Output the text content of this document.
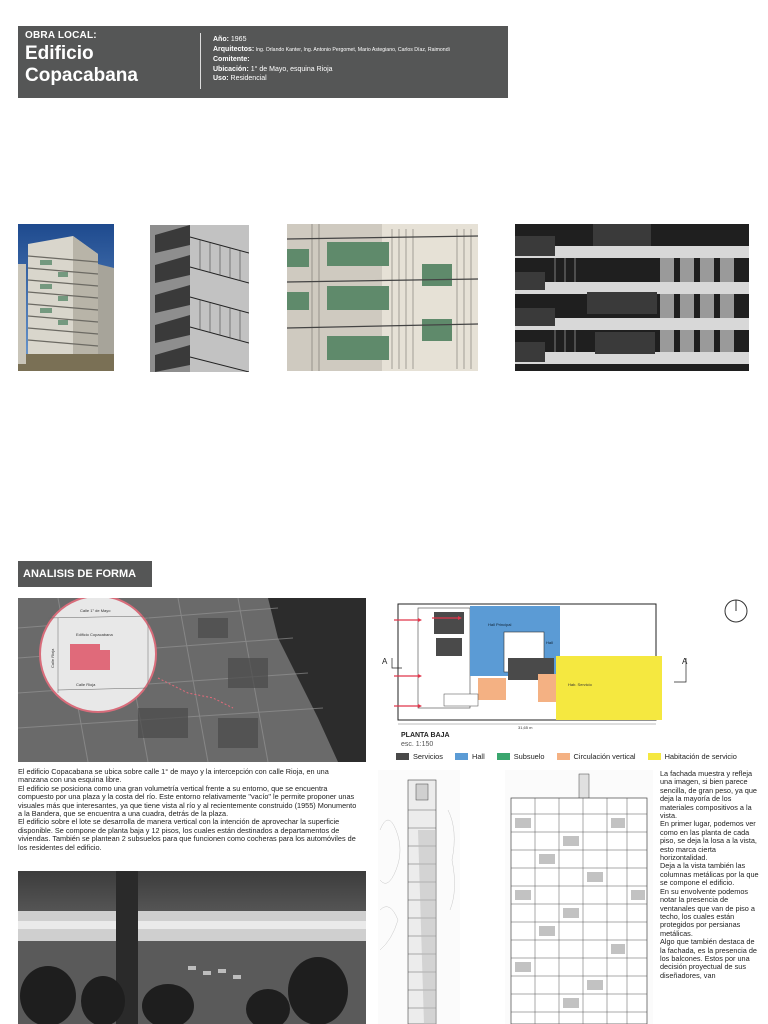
OBRA LOCAL:
Edificio
Copacabana
Año: 1965
Arquitectos: Ing. Orlando Kanter, Ing. Antonio Pergomet, Mario Astegiano, Carlos Díaz, Raimondi
Comitente:
Ubicación: 1° de Mayo, esquina Rioja
Uso: Residencial
ANALISIS DE FORMA
Calle 1° de Mayo
Edificio Copacabana
Calle Rioja
Calle Rioja	A	A
Hall Principal
Hall
Hab. Servicio
31,65 m
PLANTA BAJA
esc. 1:150
Servicios	Hall	Subsuelo	Circulación vertical	Habitación de servicio

El edificio Copacabana se ubica sobre calle 1° de mayo y la intercepción con calle Rioja, en una manzana con una esquina libre.

El edificio se posiciona como una gran volumetría vertical frente a su entorno, que se encuentra compuesto por una plaza y la costa del río. Este entorno relativamente "vacío" le permite proponer unas visuales más que interesantes, ya que tiene vista al río y al recientemente construido (1955) Monumento a la Bandera, que se encuentra a una cuadra, detrás de la plaza.

El edificio sobre el lote se desarrolla de manera vertical con la intención de aprovechar la superficie disponible. Se compone de planta baja y 12 pisos, los cuales están destinados a departamentos de viviendas. También se plantean 2 subsuelos para que funcionen como cocheras para los automóviles de los residentes del edificio.

La fachada muestra y refleja una imagen, si bien parece sencilla, de gran peso, ya que deja la mayoría de los materiales compositivos a la vista.

En primer lugar, podemos ver como en las planta de cada piso, se deja la losa a la vista, esto marca cierta horizontalidad.

Deja a la vista también las columnas metálicas por la que se compone el edificio.

En su envolvente podemos notar la presencia de ventanales que van de piso a techo, los cuales están protegidos por persianas metálicas.

Algo que también destaca de la fachada, es la presencia de los balcones. Estos por una decisión proyectual de sus diseñadores, van
